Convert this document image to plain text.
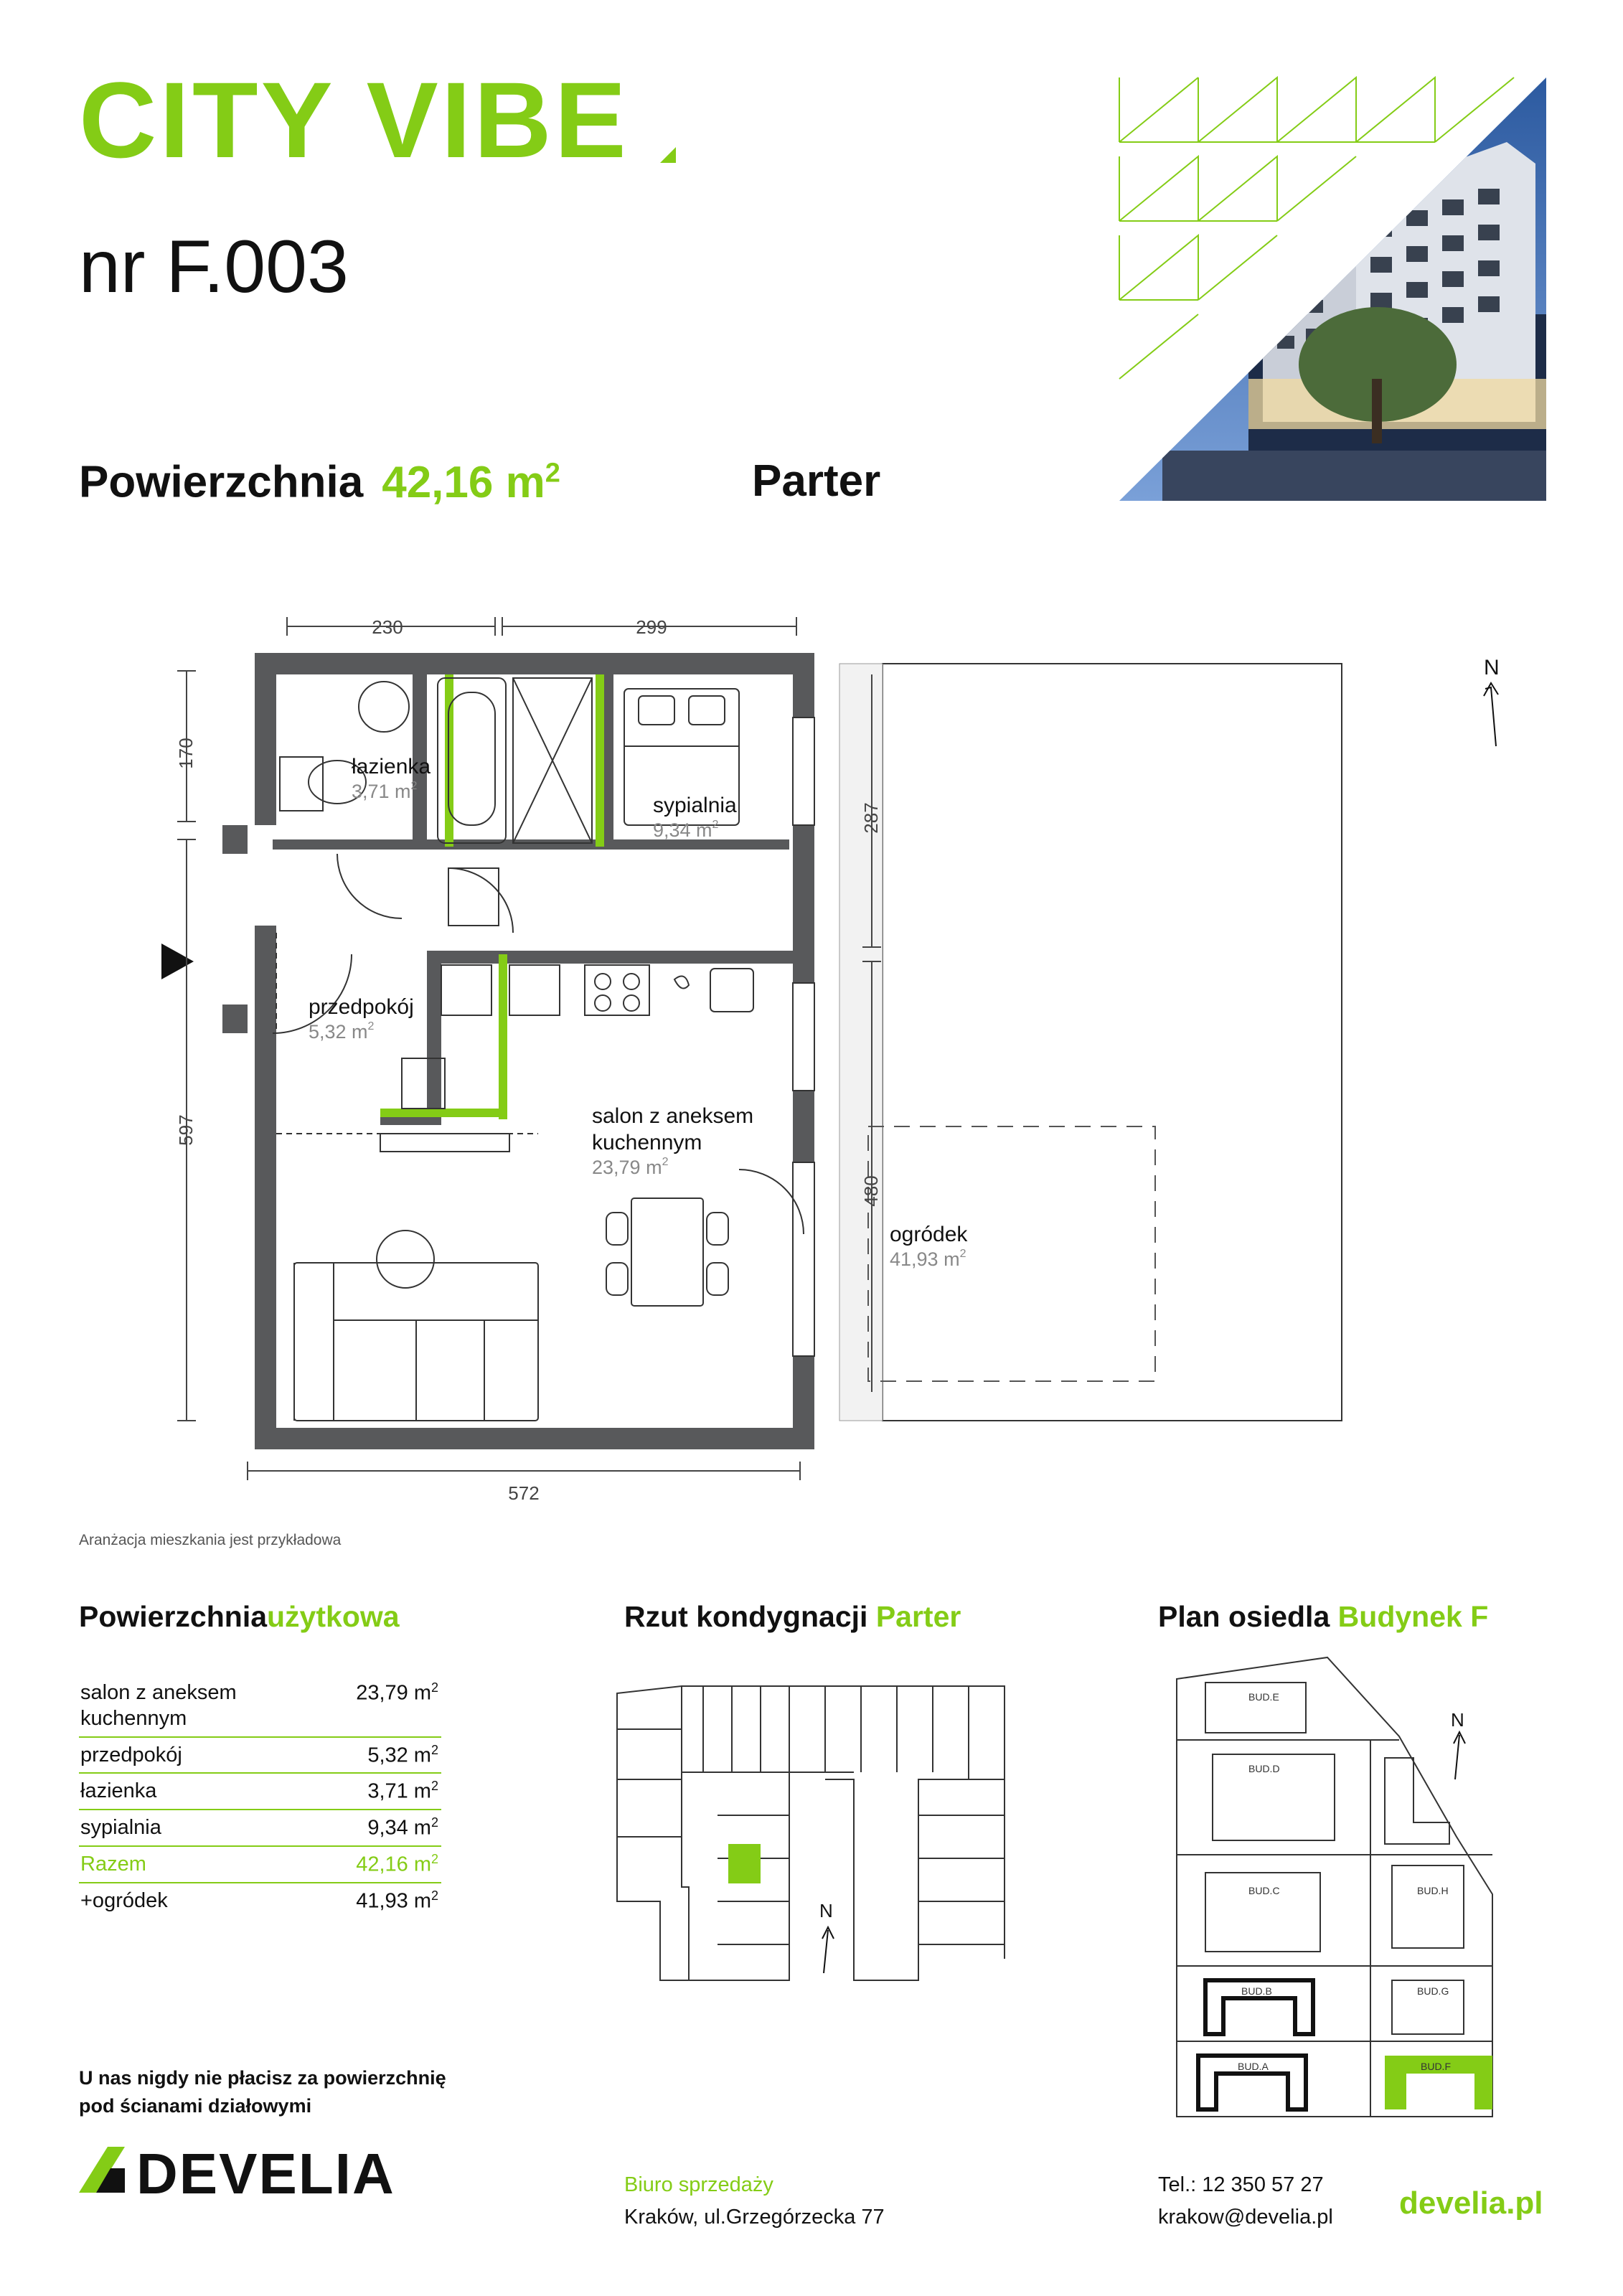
CITY VIBE
nr F.003
Powierzchnia 42,16 $m^2$	Parter
230	299
170
597
572
287
480
łazienka
sypialnia
przedpokój
salon z aneksem
kuchennym
ogródek
3,71 $m^2$
9,34 $m^2$
5,32 $m^2$
23,79 $m^2$
41,93 $m^2$
N
Aranżacja mieszkania jest przykładowa
Powierzchniaużytkowa
salon z aneksem kuchennym
23,79 $m^2$
przedpokój	5,32 $m^2$
łazienka	3,71 $m^2$
sypialnia	9,34 $m^2$
Razem	42,16 $m^2$
+ogródek	41,93 $m^2$
Rzut kondygnacji Parter
N
Plan osiedla Budynek F
BUD.E
BUD.D
BUD.C	BUD.H
BUD.B	BUD.G
BUD.A	BUD.F
N
U nas nigdy nie płacisz za powierzchnię
pod ścianami działowymi
DEVELIA	Biuro sprzedaży
Kraków, ul.Grzegórzecka 77
Tel.: 12 350 57 27
krakow@develia.pl develia.pl
